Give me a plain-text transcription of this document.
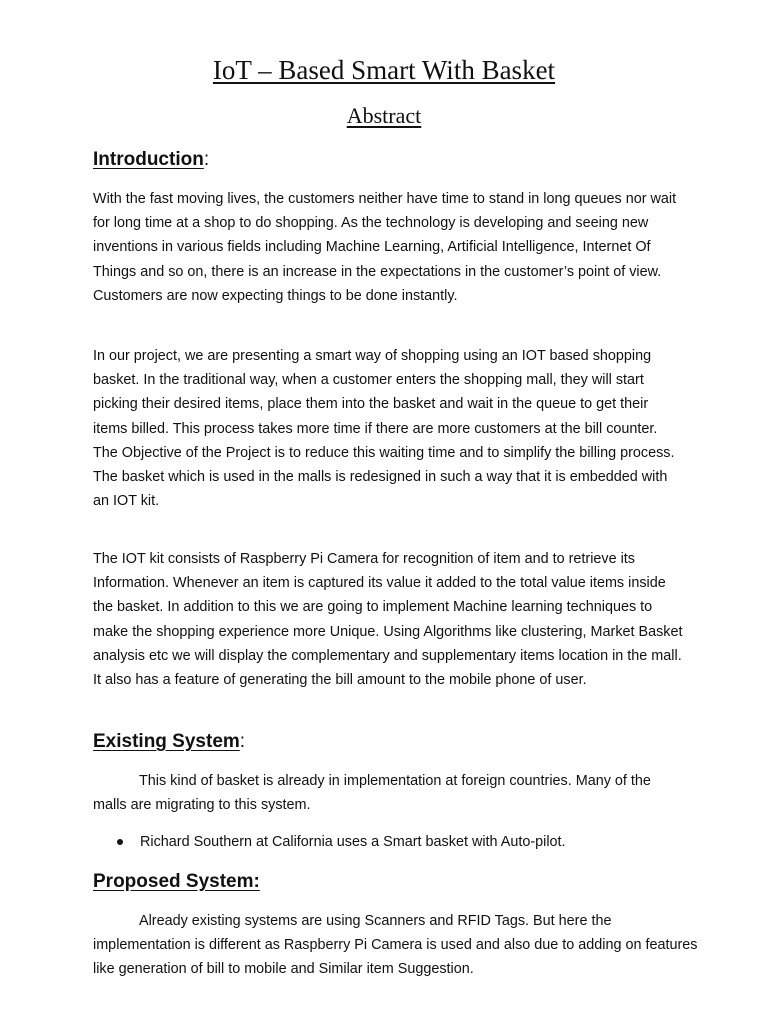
IoT – Based Smart With Basket
Abstract
Introduction:

With the fast moving lives, the customers neither have time to stand in long queues nor wait for long time at a shop to do shopping. As the technology is developing and seeing new inventions in various fields including Machine Learning, Artificial Intelligence, Internet Of Things and so on, there is an increase in the expectations in the customer’s point of view. Customers are now expecting things to be done instantly.

In our project, we are presenting a smart way of shopping using an IOT based shopping basket. In the traditional way, when a customer enters the shopping mall, they will start picking their desired items, place them into the basket and wait in the queue to get their items billed. This process takes more time if there are more customers at the bill counter. The Objective of the Project is to reduce this waiting time and to simplify the billing process. The basket which is used in the malls is redesigned in such a way that it is embedded with an IOT kit.

The IOT kit consists of Raspberry Pi Camera for recognition of item and to retrieve its Information. Whenever an item is captured its value it added to the total value items inside the basket. In addition to this we are going to implement Machine learning techniques to make the shopping experience more Unique. Using Algorithms like clustering, Market Basket analysis etc we will display the complementary and supplementary items location in the mall. It also has a feature of generating the bill amount to the mobile phone of user.

Existing System:

This kind of basket is already in implementation at foreign countries. Many of the malls are migrating to this system.

Richard Southern at California uses a Smart basket with Auto-pilot.
Proposed System:

Already existing systems are using Scanners and RFID Tags. But here the implementation is different as Raspberry Pi Camera is used and also due to adding on features like generation of bill to mobile and Similar item Suggestion.
